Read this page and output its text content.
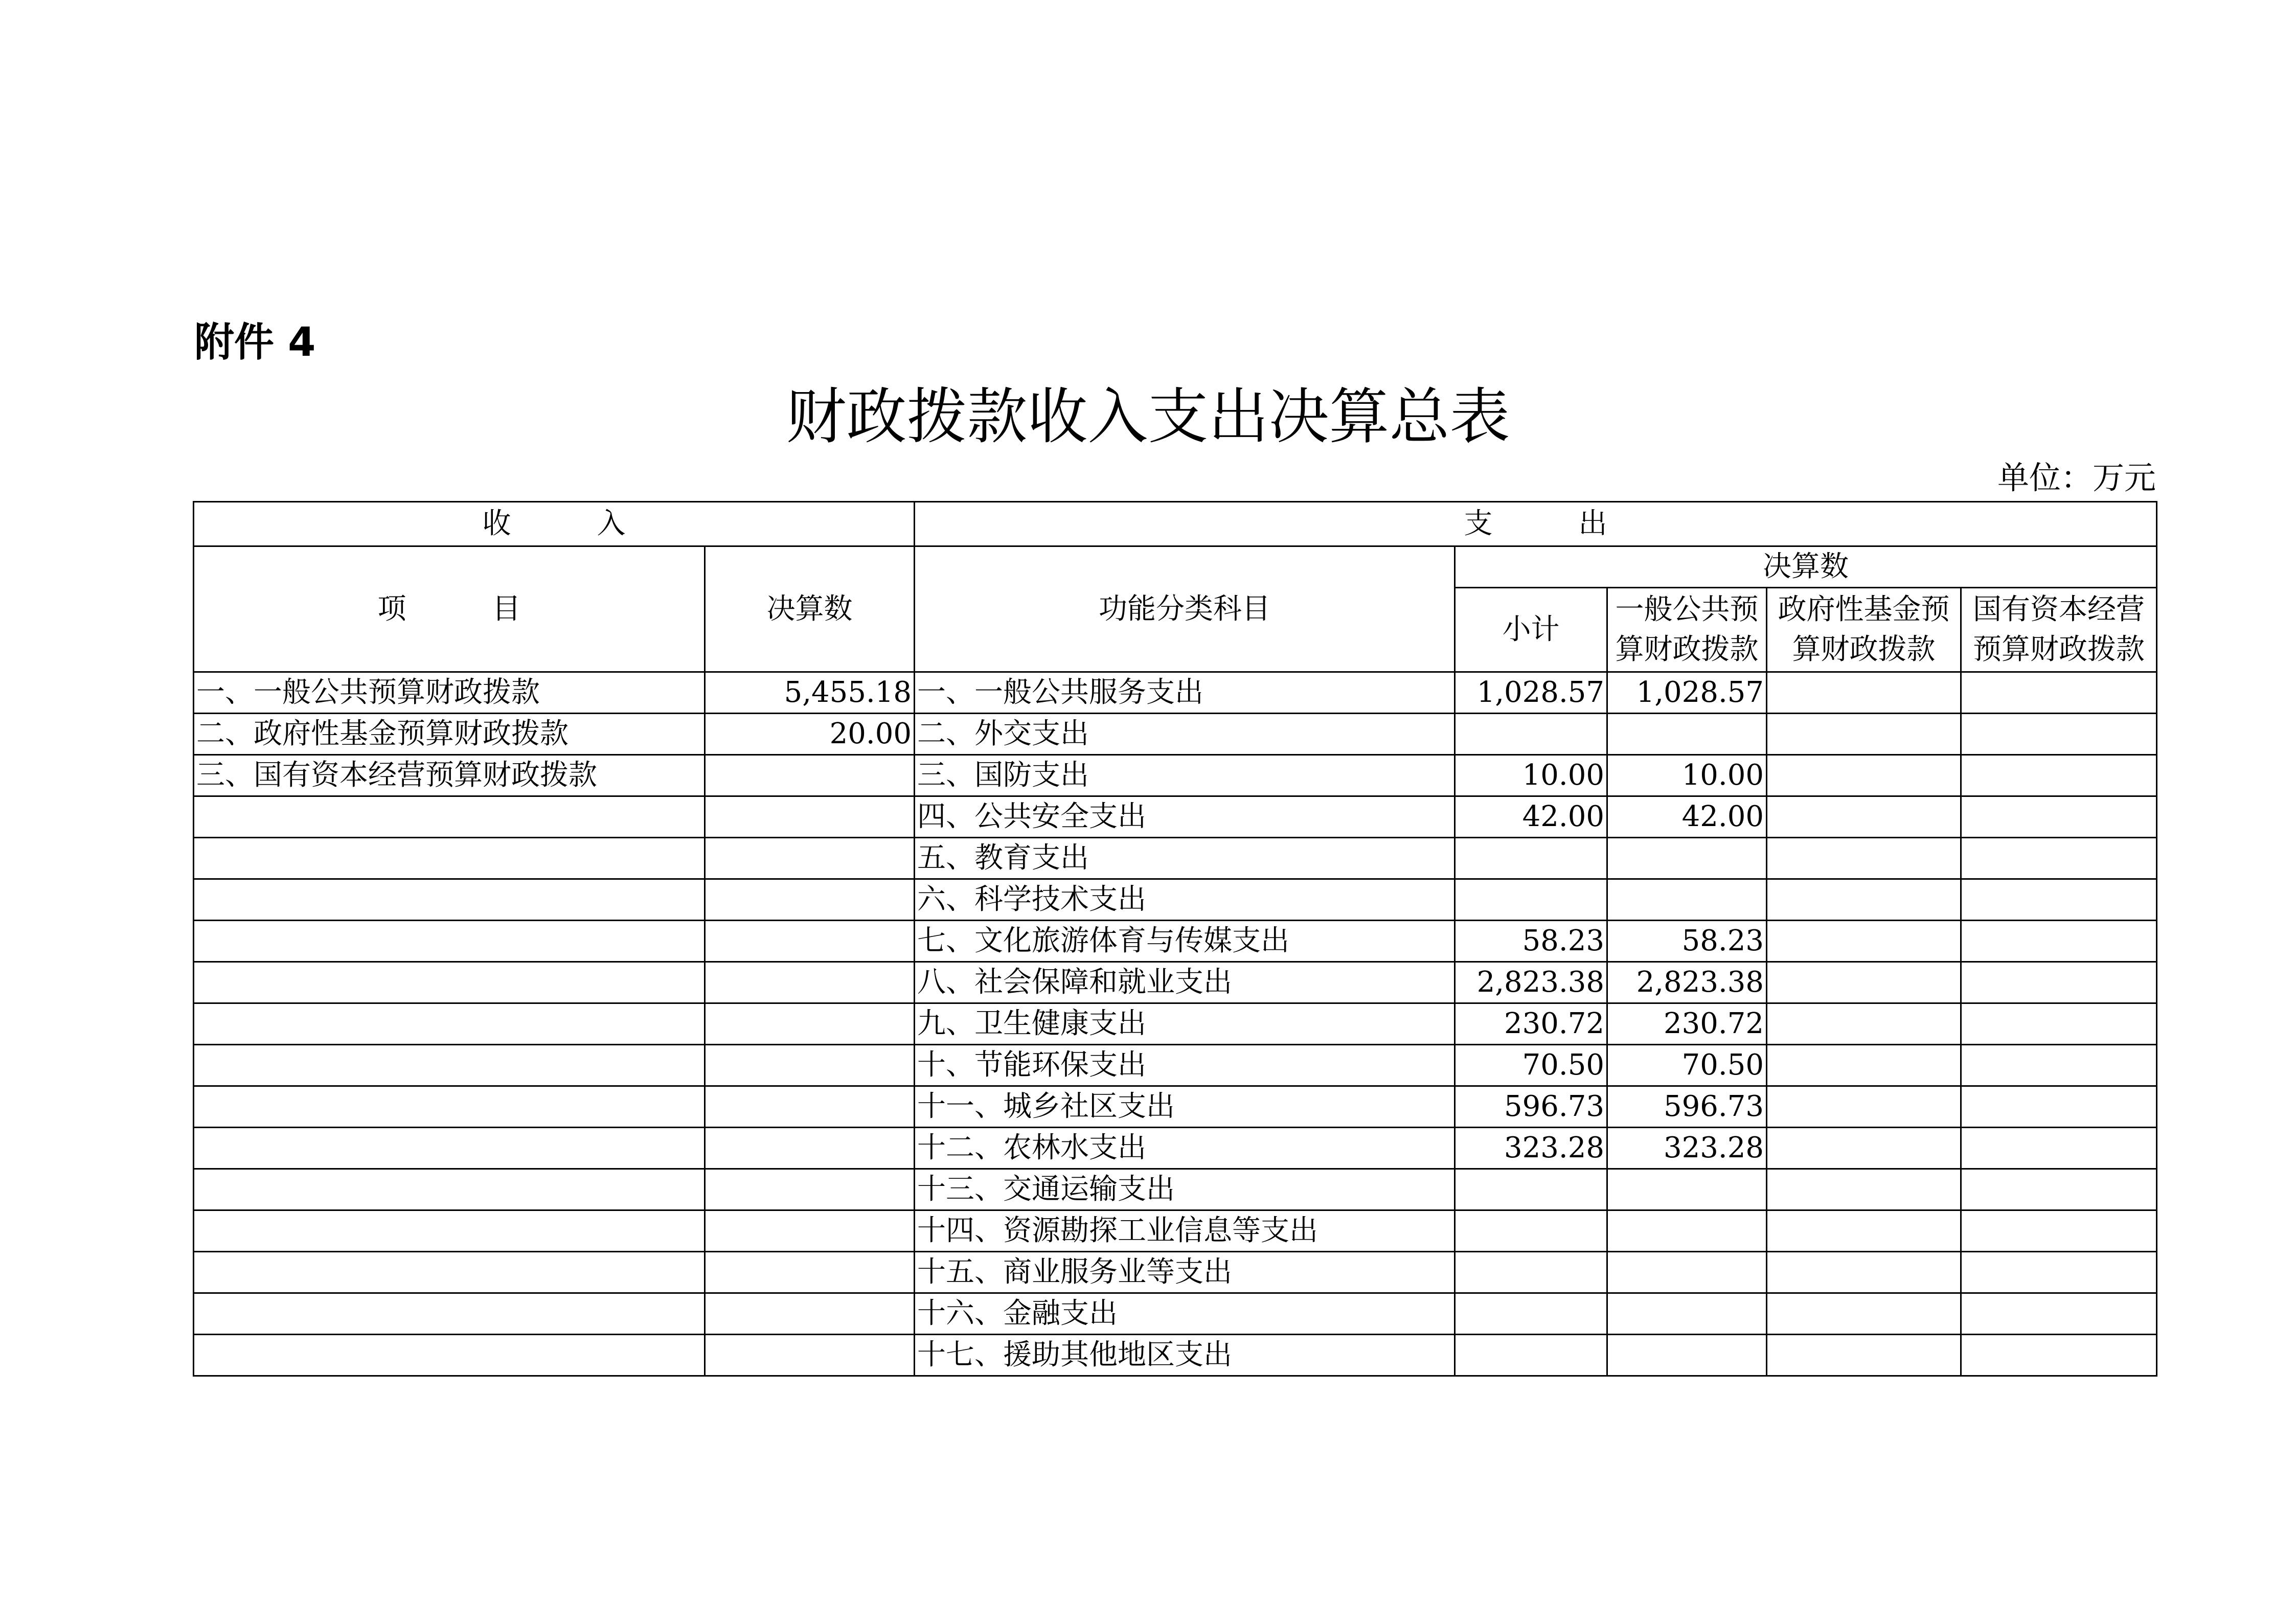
附件 4
财政拨款收入支出决算总表
单位：万元
收　　　入		支　　　出				
项　　　目	决算数	功能分类科目	决算数			
			小计	一般公共预算财政拨款	政府性基金预算财政拨款	国有资本经营预算财政拨款
一、一般公共预算财政拨款	5,455.18	一、一般公共服务支出	1,028.57	1,028.57		
二、政府性基金预算财政拨款	20.00	二、外交支出				
三、国有资本经营预算财政拨款		三、国防支出	10.00	10.00		
		四、公共安全支出	42.00	42.00		
		五、教育支出				
		六、科学技术支出				
		七、文化旅游体育与传媒支出	58.23	58.23		
		八、社会保障和就业支出	2,823.38	2,823.38		
		九、卫生健康支出	230.72	230.72		
		十、节能环保支出	70.50	70.50		
		十一、城乡社区支出	596.73	596.73		
		十二、农林水支出	323.28	323.28		
		十三、交通运输支出				
		十四、资源勘探工业信息等支出				
		十五、商业服务业等支出				
		十六、金融支出				
		十七、援助其他地区支出				
